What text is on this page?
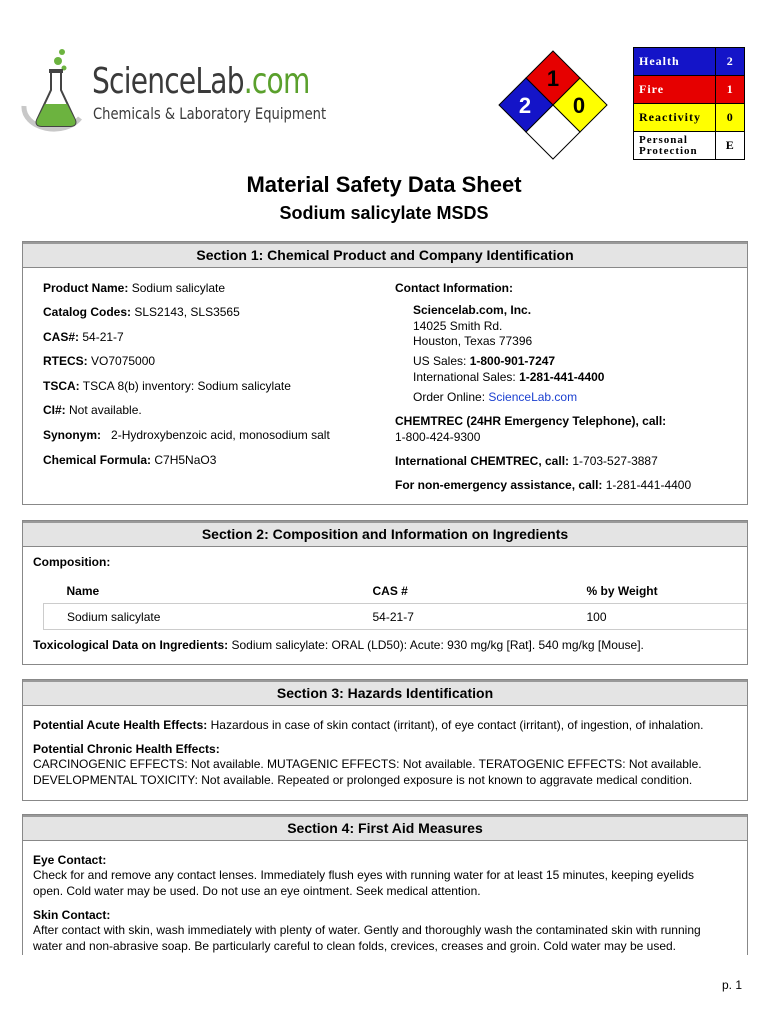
ScienceLab.com
Chemicals & Laboratory Equipment
1
2 0
Health	2
Fire	1
Reactivity	0
Personal Protection	E
Material Safety Data Sheet
Sodium salicylate MSDS
Section 1: Chemical Product and Company Identification
Product Name: Sodium salicylate
Catalog Codes: SLS2143, SLS3565
CAS#: 54-21-7
RTECS: VO7075000
TSCA: TSCA 8(b) inventory: Sodium salicylate
CI#: Not available.
Synonym:   2-Hydroxybenzoic acid, monosodium salt
Chemical Formula: C7H5NaO3
Contact Information:
Sciencelab.com, Inc.
14025 Smith Rd.
Houston, Texas 77396
US Sales: 1-800-901-7247
International Sales: 1-281-441-4400
Order Online: ScienceLab.com
CHEMTREC (24HR Emergency Telephone), call:
1-800-424-9300
International CHEMTREC, call: 1-703-527-3887
For non-emergency assistance, call: 1-281-441-4400
Section 2: Composition and Information on Ingredients
Composition:
Name	CAS #	% by Weight
Sodium salicylate	54-21-7	100
Toxicological Data on Ingredients: Sodium salicylate: ORAL (LD50): Acute: 930 mg/kg [Rat]. 540 mg/kg [Mouse].
Section 3: Hazards Identification
Potential Acute Health Effects: Hazardous in case of skin contact (irritant), of eye contact (irritant), of ingestion, of inhalation.
Potential Chronic Health Effects:
CARCINOGENIC EFFECTS: Not available. MUTAGENIC EFFECTS: Not available. TERATOGENIC EFFECTS: Not available.
DEVELOPMENTAL TOXICITY: Not available. Repeated or prolonged exposure is not known to aggravate medical condition.
Section 4: First Aid Measures
Eye Contact:
Check for and remove any contact lenses. Immediately flush eyes with running water for at least 15 minutes, keeping eyelids
open. Cold water may be used. Do not use an eye ointment. Seek medical attention.
Skin Contact:
After contact with skin, wash immediately with plenty of water. Gently and thoroughly wash the contaminated skin with running
water and non-abrasive soap. Be particularly careful to clean folds, crevices, creases and groin. Cold water may be used.
p. 1
